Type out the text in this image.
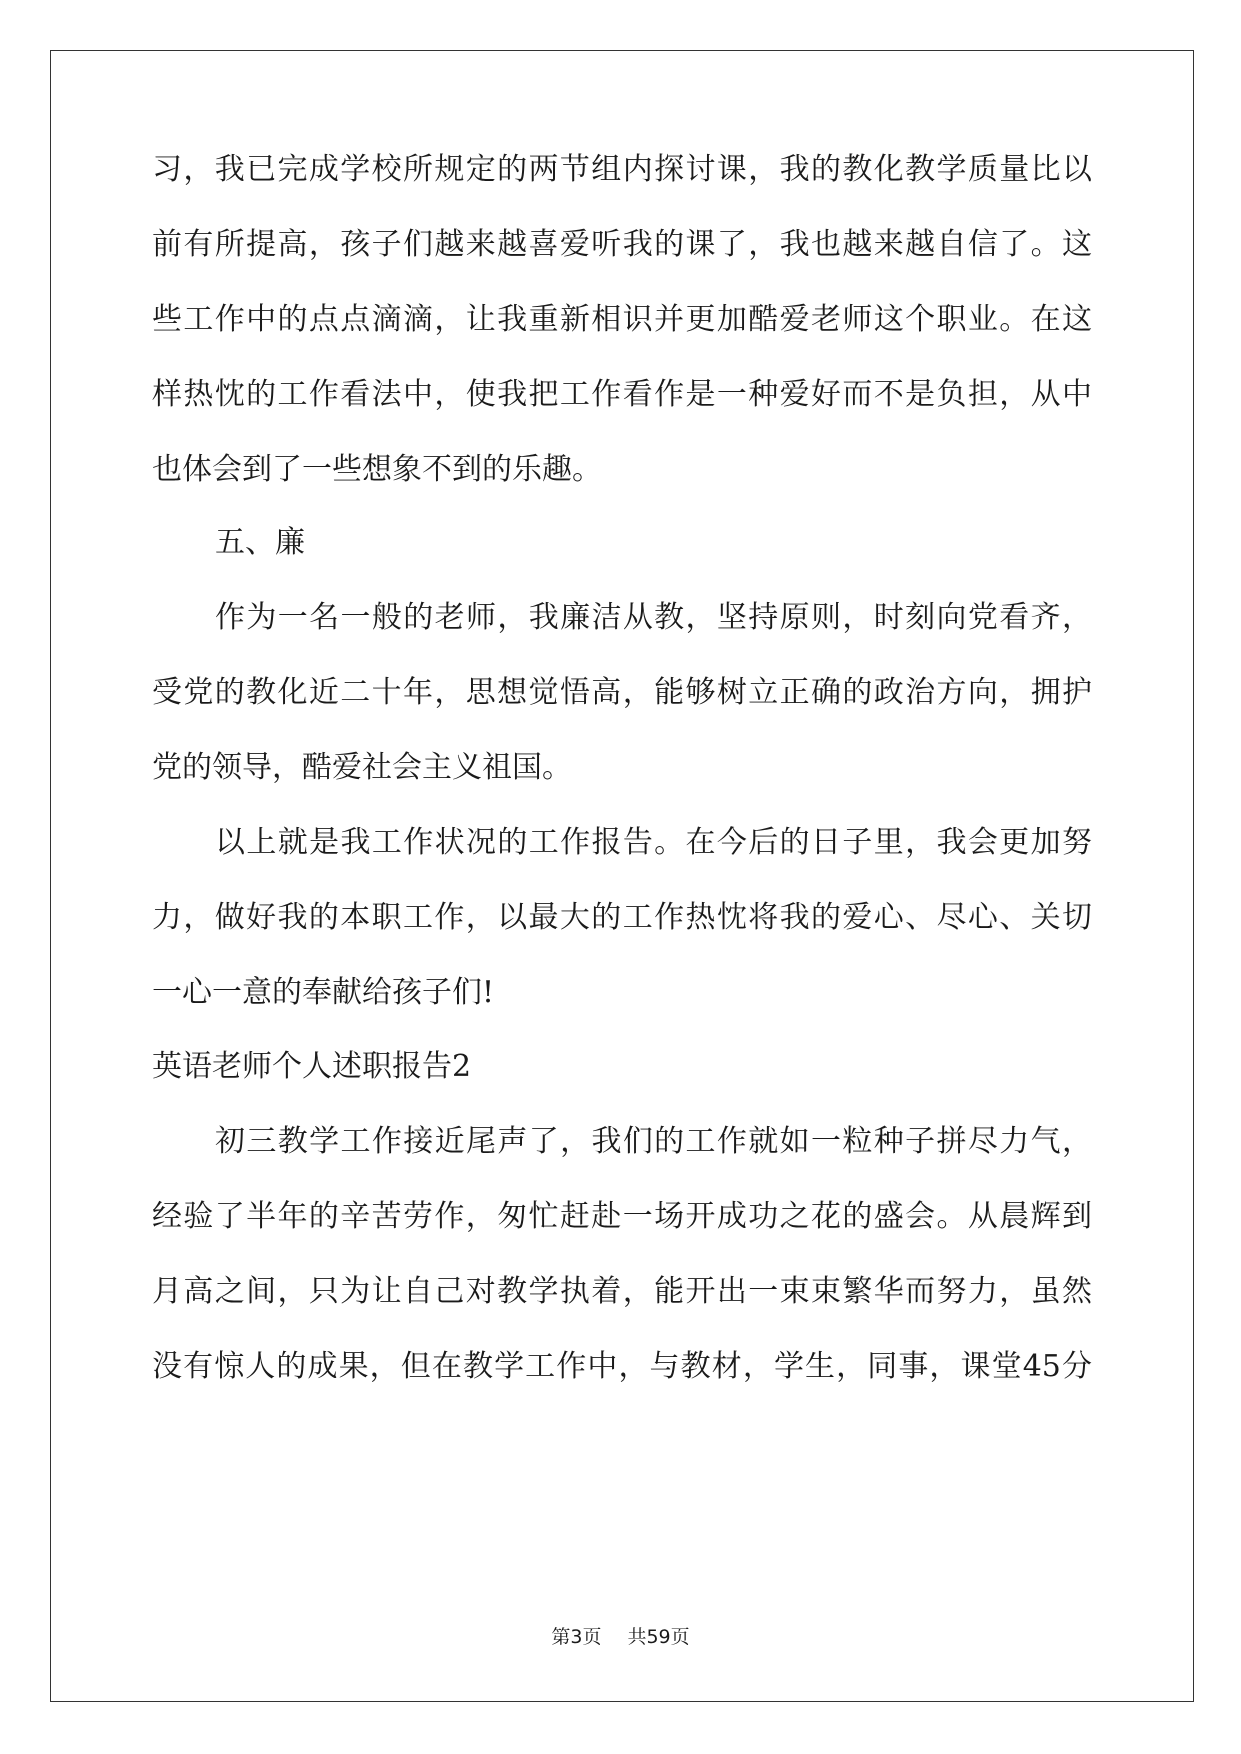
习，我已完成学校所规定的两节组内探讨课，我的教化教学质量比以
前有所提高，孩子们越来越喜爱听我的课了，我也越来越自信了。这
些工作中的点点滴滴，让我重新相识并更加酷爱老师这个职业。在这
样热忱的工作看法中，使我把工作看作是一种爱好而不是负担，从中
也体会到了一些想象不到的乐趣。
五、廉
作为一名一般的老师，我廉洁从教，坚持原则，时刻向党看齐，
受党的教化近二十年，思想觉悟高，能够树立正确的政治方向，拥护
党的领导，酷爱社会主义祖国。
以上就是我工作状况的工作报告。在今后的日子里，我会更加努
力，做好我的本职工作，以最大的工作热忱将我的爱心、尽心、关切
一心一意的奉献给孩子们!
英语老师个人述职报告2
初三教学工作接近尾声了，我们的工作就如一粒种子拼尽力气，
经验了半年的辛苦劳作，匆忙赶赴一场开成功之花的盛会。从晨辉到
月高之间，只为让自己对教学执着，能开出一束束繁华而努力，虽然
没有惊人的成果，但在教学工作中，与教材，学生，同事，课堂45分
第3页 共59页
